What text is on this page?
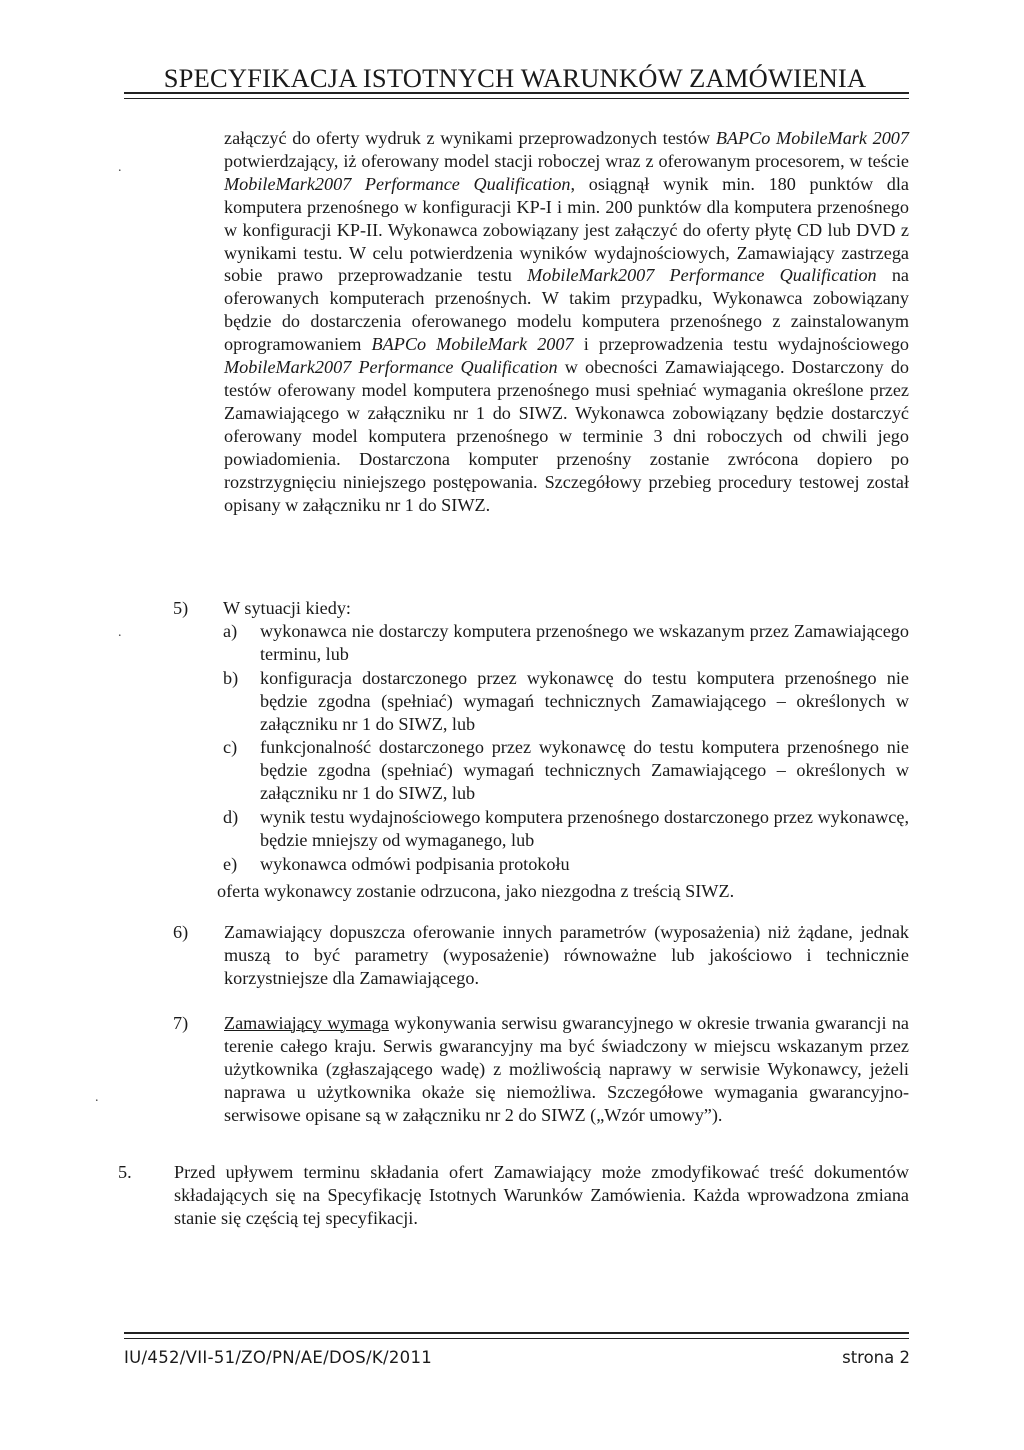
SPECYFIKACJA ISTOTNYCH WARUNKÓW ZAMÓWIENIA
.
.
.

załączyć do oferty wydruk z wynikami przeprowadzonych testów BAPCo MobileMark 2007 potwierdzający, iż oferowany model stacji roboczej wraz z oferowanym procesorem, w teście MobileMark2007 Performance Qualification, osiągnął wynik min. 180 punktów dla komputera przenośnego w konfiguracji KP-I i min. 200 punktów dla komputera przenośnego w konfiguracji KP-II. Wykonawca zobowiązany jest załączyć do oferty płytę CD lub DVD z wynikami testu. W celu potwierdzenia wyników wydajnościowych, Zamawiający zastrzega sobie prawo przeprowadzanie testu MobileMark2007 Performance Qualification na oferowanych komputerach przenośnych. W takim przypadku, Wykonawca zobowiązany będzie do dostarczenia oferowanego modelu komputera przenośnego z zainstalowanym oprogramowaniem BAPCo MobileMark 2007 i przeprowadzenia testu wydajnościowego MobileMark2007 Performance Qualification w obecności Zamawiającego. Dostarczony do testów oferowany model komputera przenośnego musi spełniać wymagania określone przez Zamawiającego w załączniku nr 1 do SIWZ. Wykonawca zobowiązany będzie dostarczyć oferowany model komputera przenośnego w terminie 3 dni roboczych od chwili jego powiadomienia. Dostarczona komputer przenośny zostanie zwrócona dopiero po rozstrzygnięciu niniejszego postępowania. Szczegółowy przebieg procedury testowej został opisany w załączniku nr 1 do SIWZ.

5) W sytuacji kiedy:
a) wykonawca nie dostarczy komputera przenośnego we wskazanym przez Zamawiającego terminu, lub
b) konfiguracja dostarczonego przez wykonawcę do testu komputera przenośnego nie będzie zgodna (spełniać) wymagań technicznych Zamawiającego – określonych w załączniku nr 1 do SIWZ, lub
c) funkcjonalność dostarczonego przez wykonawcę do testu komputera przenośnego nie będzie zgodna (spełniać) wymagań technicznych Zamawiającego – określonych w załączniku nr 1 do SIWZ, lub
d) wynik testu wydajnościowego komputera przenośnego dostarczonego przez wykonawcę, będzie mniejszy od wymaganego, lub
e) wykonawca odmówi podpisania protokołu
oferta wykonawcy zostanie odrzucona, jako niezgodna z treścią SIWZ.
6) Zamawiający dopuszcza oferowanie innych parametrów (wyposażenia) niż żądane, jednak muszą to być parametry (wyposażenie) równoważne lub jakościowo i technicznie korzystniejsze dla Zamawiającego.
7) Zamawiający wymaga wykonywania serwisu gwarancyjnego w okresie trwania gwarancji na terenie całego kraju. Serwis gwarancyjny ma być świadczony w miejscu wskazanym przez użytkownika (zgłaszającego wadę) z możliwością naprawy w serwisie Wykonawcy, jeżeli naprawa u użytkownika okaże się niemożliwa. Szczegółowe wymagania gwarancyjno-serwisowe opisane są w załączniku nr 2 do SIWZ („Wzór umowy”).
5. Przed upływem terminu składania ofert Zamawiający może zmodyfikować treść dokumentów składających się na Specyfikację Istotnych Warunków Zamówienia. Każda wprowadzona zmiana stanie się częścią tej specyfikacji.
IU/452/VII-51/ZO/PN/AE/DOS/K/2011	strona 2
